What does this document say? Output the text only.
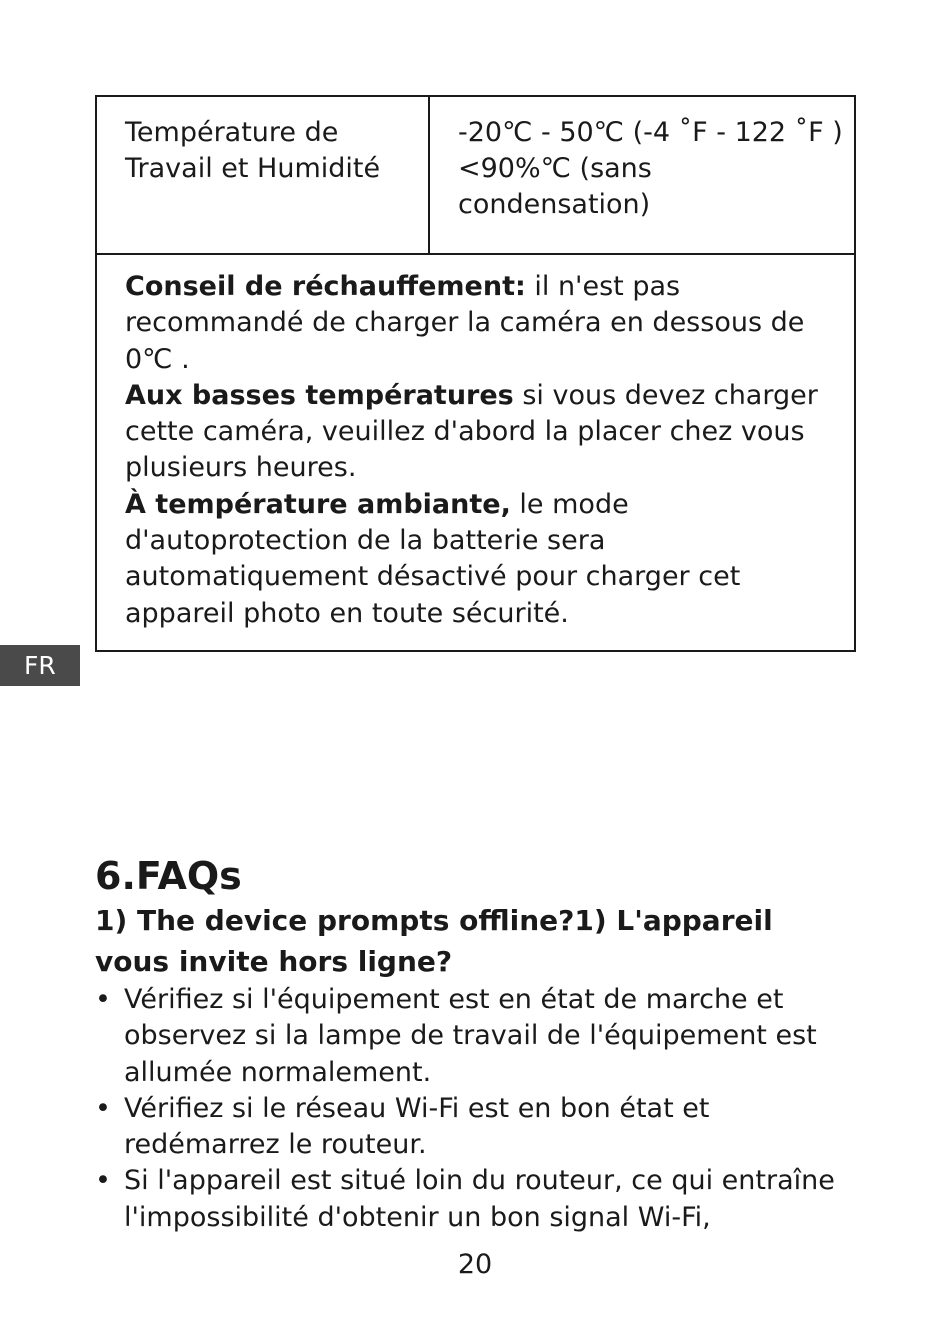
Température de Travail et Humidité
-20℃ - 50℃ (-4 ˚F - 122 ˚F )<90%℃ (sans condensation)

Conseil de réchauffement: il n'est pas recommandé de charger la caméra en dessous de 0℃ .

Aux basses températures si vous devez charger cette caméra, veuillez d'abord la placer chez vous plusieurs heures.

À température ambiante, le mode d'autoprotection de la batterie sera automatiquement désactivé pour charger cet appareil photo en toute sécurité.

FR
6.FAQs
1) The device prompts offline?1) L'appareil vous invite hors ligne?
• Vérifiez si l'équipement est en état de marche et observez si la lampe de travail de l'équipement est allumée normalement.
• Vérifiez si le réseau Wi-Fi est en bon état et redémarrez le routeur.
• Si l'appareil est situé loin du routeur, ce qui entraîne l'impossibilité d'obtenir un bon signal Wi-Fi,
20
